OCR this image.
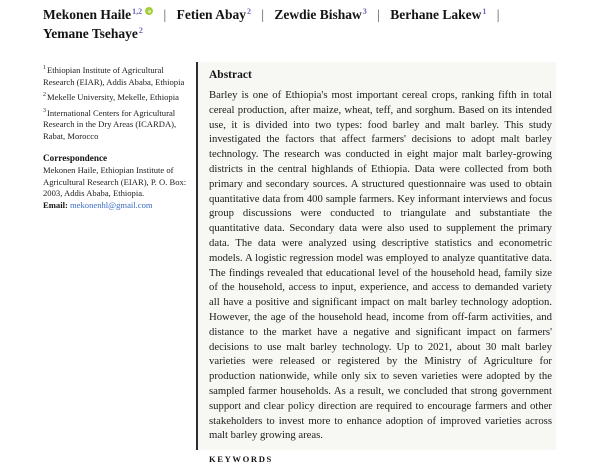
Mekonen Haile$^{1,2}$ | Fetien Abay$^2$ | Zewdie Bishaw$^3$ | Berhane Lakew$^1$ |
Yemane Tsehaye$^2$

$^1$Ethiopian Institute of Agricultural Research (EIAR), Addis Ababa, Ethiopia

$^2$Mekelle University, Mekelle, Ethiopia

$^3$International Centers for Agricultural Research in the Dry Areas (ICARDA), Rabat, Morocco

Correspondence

Mekonen Haile, Ethiopian Institute of Agricultural Research (EIAR), P. O. Box: 2003, Addis Ababa, Ethiopia.

Email: mekonenhl@gmail.com

Abstract

Barley is one of Ethiopia's most important cereal crops, ranking fifth in total cereal production, after maize, wheat, teff, and sorghum. Based on its intended use, it is divided into two types: food barley and malt barley. This study investigated the factors that affect farmers' decisions to adopt malt barley technology. The research was conducted in eight major malt barley-growing districts in the central highlands of Ethiopia. Data were collected from both primary and secondary sources. A structured questionnaire was used to obtain quantitative data from 400 sample farmers. Key informant interviews and focus group discussions were conducted to triangulate and substantiate the quantitative data. Secondary data were also used to supplement the primary data. The data were analyzed using descriptive statistics and econometric models. A logistic regression model was employed to analyze quantitative data. The findings revealed that educational level of the household head, family size of the household, access to input, experience, and access to demanded variety all have a positive and significant impact on malt barley technology adoption. However, the age of the household head, income from off-farm activities, and distance to the market have a negative and significant impact on farmers' decisions to use malt barley technology. Up to 2021, about 30 malt barley varieties were released or registered by the Ministry of Agriculture for production nationwide, while only six to seven varieties were adopted by the sampled farmer households. As a result, we concluded that strong government support and clear policy direction are required to encourage farmers and other stakeholders to invest more to enhance adoption of improved varieties across malt barley growing areas.

KEYWORDS
